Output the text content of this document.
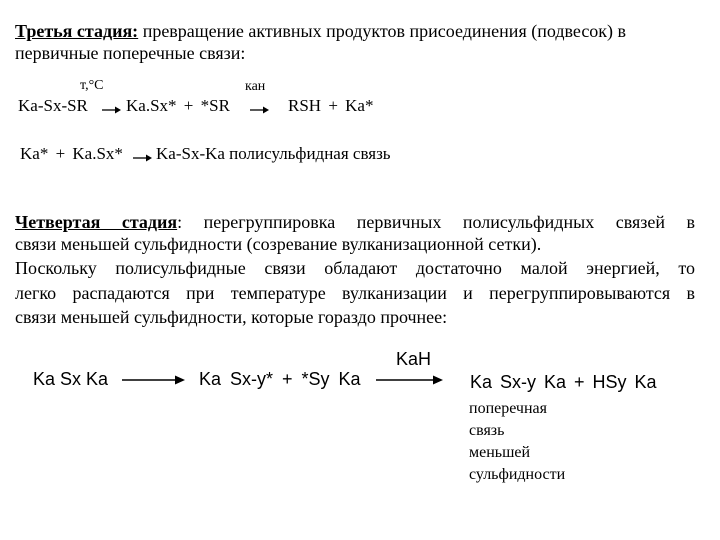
Третья стадия: превращение активных продуктов присоединения (подвесок) в
первичные поперечные связи:
т,°С	кан
Ka-Sx-SR Ka.Sx* + *SR	RSH + Ka*
Ka* + Ka.Sx* Ka-Sx-Ka полисульфидная связь
Четвертая стадия: перегруппировка первичных полисульфидных связей в
связи меньшей сульфидности (созревание вулканизационной сетки).
Поскольку полисульфидные связи обладают достаточно малой энергией, то
легко распадаются при температуре вулканизации и перегруппировываются в
связи меньшей сульфидности, которые гораздо прочнее:
Ka Sx Ka	Ka Sx-y* + *Sy Ka
KaH
Ka Sx-y Ka + HSy Ka
поперечная
связь
меньшей
сульфидности
